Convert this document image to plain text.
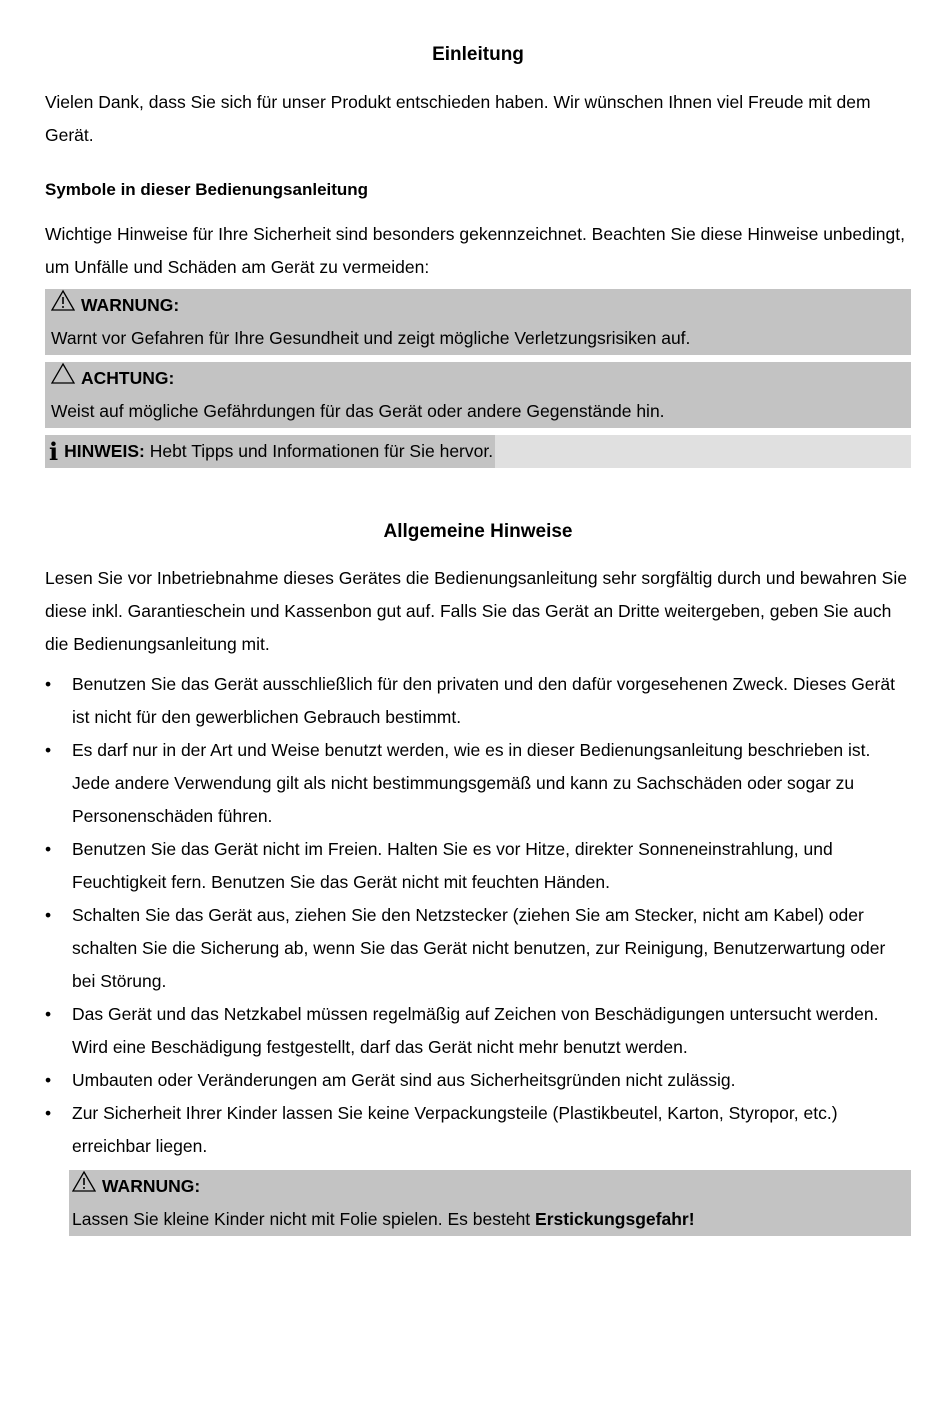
Einleitung

Vielen Dank, dass Sie sich für unser Produkt entschieden haben. Wir wünschen Ihnen viel Freude mit dem Gerät.

Symbole in dieser Bedienungsanleitung

Wichtige Hinweise für Ihre Sicherheit sind besonders gekennzeichnet. Beachten Sie diese Hinweise unbedingt, um Unfälle und Schäden am Gerät zu vermeiden:

WARNUNG:
Warnt vor Gefahren für Ihre Gesundheit und zeigt mögliche Verletzungsrisiken auf.
ACHTUNG:
Weist auf mögliche Gefährdungen für das Gerät oder andere Gegenstände hin.
i HINWEIS:
Hebt Tipps und Informationen für Sie hervor.
Allgemeine Hinweise

Lesen Sie vor Inbetriebnahme dieses Gerätes die Bedienungsanleitung sehr sorgfältig durch und bewahren Sie diese inkl. Garantieschein und Kassenbon gut auf. Falls Sie das Gerät an Dritte weitergeben, geben Sie auch die Bedienungsanleitung mit.

• Benutzen Sie das Gerät ausschließlich für den privaten und den dafür vorgesehenen Zweck. Dieses Gerät ist nicht für den gewerblichen Gebrauch bestimmt.
• Es darf nur in der Art und Weise benutzt werden, wie es in dieser Bedienungsanleitung beschrieben ist. Jede andere Verwendung gilt als nicht bestimmungsgemäß und kann zu Sachschäden oder sogar zu Personenschäden führen.
• Benutzen Sie das Gerät nicht im Freien. Halten Sie es vor Hitze, direkter Sonneneinstrahlung, und Feuchtigkeit fern. Benutzen Sie das Gerät nicht mit feuchten Händen.
• Schalten Sie das Gerät aus, ziehen Sie den Netzstecker (ziehen Sie am Stecker, nicht am Kabel) oder schalten Sie die Sicherung ab, wenn Sie das Gerät nicht benutzen, zur Reinigung, Benutzerwartung oder bei Störung.
• Das Gerät und das Netzkabel müssen regelmäßig auf Zeichen von Beschädigungen untersucht werden. Wird eine Beschädigung festgestellt, darf das Gerät nicht mehr benutzt werden.
• Umbauten oder Veränderungen am Gerät sind aus Sicherheitsgründen nicht zulässig.
• Zur Sicherheit Ihrer Kinder lassen Sie keine Verpackungsteile (Plastikbeutel, Karton, Styropor, etc.) erreichbar liegen.
WARNUNG:
Lassen Sie kleine Kinder nicht mit Folie spielen. Es besteht Erstickungsgefahr!
